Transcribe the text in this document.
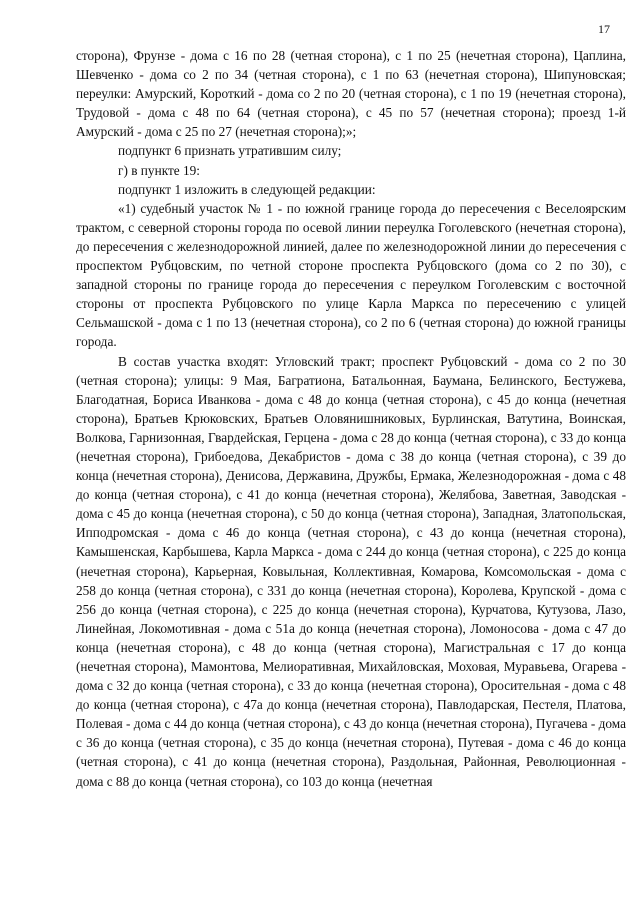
17

сторона), Фрунзе - дома с 16 по 28 (четная сторона), с 1 по 25 (нечетная сторона), Цаплина, Шевченко - дома со 2 по 34 (четная сторона), с 1 по 63 (нечетная сторона), Шипуновская; переулки: Амурский, Короткий - дома со 2 по 20 (четная сторона), с 1 по 19 (нечетная сторона), Трудовой - дома с 48 по 64 (четная сторона), с 45 по 57 (нечетная сторона); проезд 1-й Амурский - дома с 25 по 27 (нечетная сторона);»;

подпункт 6 признать утратившим силу;

г) в пункте 19:

подпункт 1 изложить в следующей редакции:

«1) судебный участок № 1 - по южной границе города до пересечения с Веселоярским трактом, с северной стороны города по осевой линии переулка Гоголевского (нечетная сторона), до пересечения с железнодорожной линией, далее по железнодорожной линии до пересечения с проспектом Рубцовским, по четной стороне проспекта Рубцовского (дома со 2 по 30), с западной стороны по границе города до пересечения с переулком Гоголевским с восточной стороны от проспекта Рубцовского по улице Карла Маркса по пересечению с улицей Сельмашской - дома с 1 по 13 (нечетная сторона), со 2 по 6 (четная сторона) до южной границы города.

В состав участка входят: Угловский тракт; проспект Рубцовский - дома со 2 по 30 (четная сторона); улицы: 9 Мая, Багратиона, Батальонная, Баумана, Белинского, Бестужева, Благодатная, Бориса Иванкова - дома с 48 до конца (четная сторона), с 45 до конца (нечетная сторона), Братьев Крюковских, Братьев Оловянишниковых, Бурлинская, Ватутина, Воинская, Волкова, Гарнизонная, Гвардейская, Герцена - дома с 28 до конца (четная сторона), с 33 до конца (нечетная сторона), Грибоедова, Декабристов - дома с 38 до конца (четная сторона), с 39 до конца (нечетная сторона), Денисова, Державина, Дружбы, Ермака, Железнодорожная - дома с 48 до конца (четная сторона), с 41 до конца (нечетная сторона), Желябова, Заветная, Заводская - дома с 45 до конца (нечетная сторона), с 50 до конца (четная сторона), Западная, Златопольская, Ипподромская - дома с 46 до конца (четная сторона), с 43 до конца (нечетная сторона), Камышенская, Карбышева, Карла Маркса - дома с 244 до конца (четная сторона), с 225 до конца (нечетная сторона), Карьерная, Ковыльная, Коллективная, Комарова, Комсомольская - дома с 258 до конца (четная сторона), с 331 до конца (нечетная сторона), Королева, Крупской - дома с 256 до конца (четная сторона), с 225 до конца (нечетная сторона), Курчатова, Кутузова, Лазо, Линейная, Локомотивная - дома с 51а до конца (нечетная сторона), Ломоносова - дома с 47 до конца (нечетная сторона), с 48 до конца (четная сторона), Магистральная с 17 до конца (нечетная сторона), Мамонтова, Мелиоративная, Михайловская, Моховая, Муравьева, Огарева - дома с 32 до конца (четная сторона), с 33 до конца (нечетная сторона), Оросительная - дома с 48 до конца (четная сторона), с 47а до конца (нечетная сторона), Павлодарская, Пестеля, Платова, Полевая - дома с 44 до конца (четная сторона), с 43 до конца (нечетная сторона), Пугачева - дома с 36 до конца (четная сторона), с 35 до конца (нечетная сторона), Путевая - дома с 46 до конца (четная сторона), с 41 до конца (нечетная сторона), Раздольная, Районная, Революционная - дома с 88 до конца (четная сторона), со 103 до конца (нечетная
